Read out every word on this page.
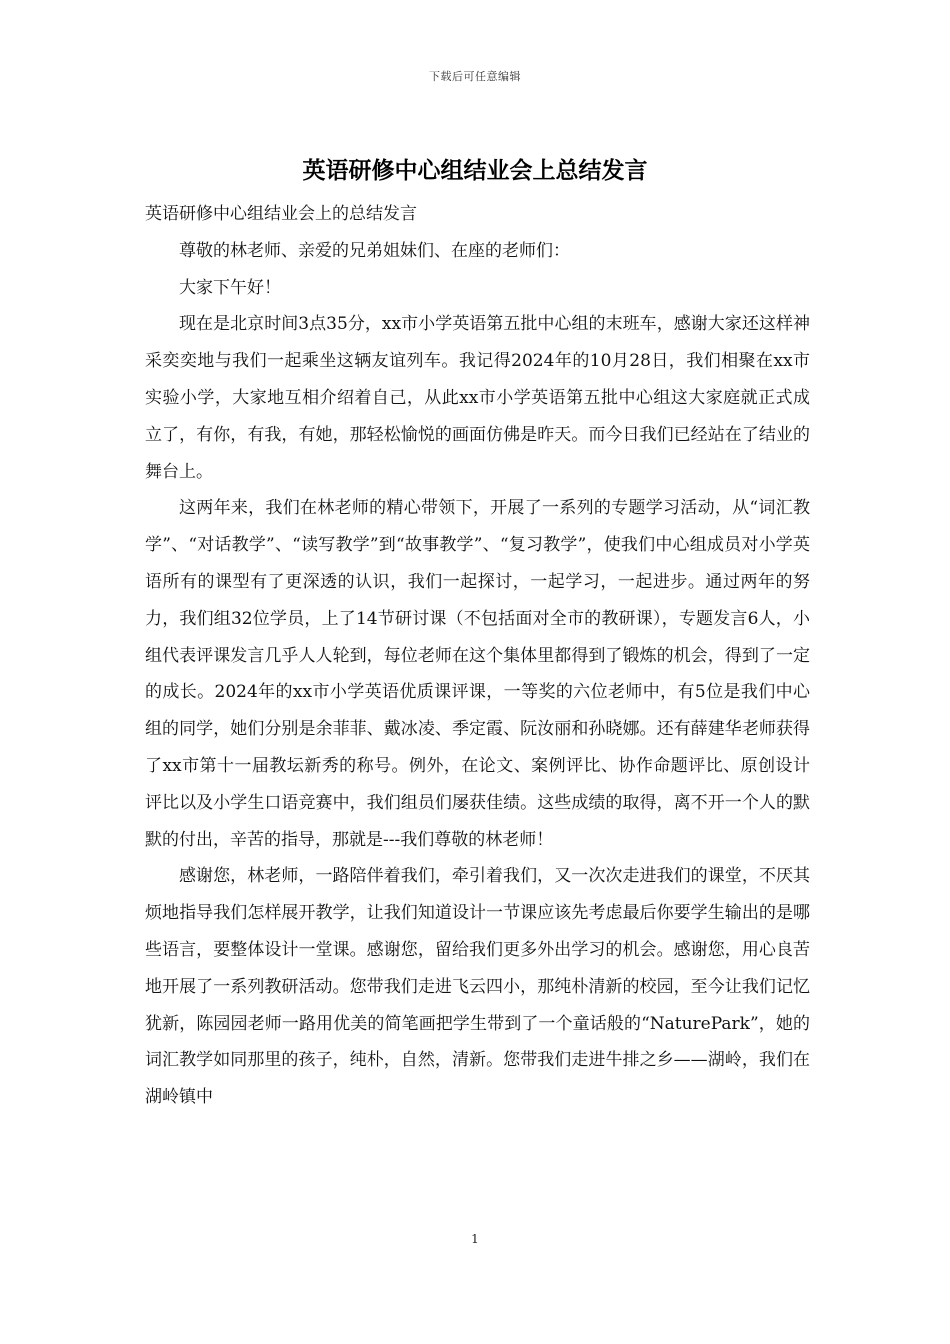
下载后可任意编辑
英语研修中心组结业会上总结发言

英语研修中心组结业会上的总结发言

尊敬的林老师、亲爱的兄弟姐妹们、在座的老师们：

大家下午好！

现在是北京时间3点35分，xx市小学英语第五批中心组的末班车，感谢大家还这样神采奕奕地与我们一起乘坐这辆友谊列车。我记得2024年的10月28日，我们相聚在xx市实验小学，大家地互相介绍着自己，从此xx市小学英语第五批中心组这大家庭就正式成立了，有你，有我，有她，那轻松愉悦的画面仿佛是昨天。而今日我们已经站在了结业的舞台上。

这两年来，我们在林老师的精心带领下，开展了一系列的专题学习活动，从“词汇教学”、“对话教学”、“读写教学”到“故事教学”、“复习教学”，使我们中心组成员对小学英语所有的课型有了更深透的认识，我们一起探讨，一起学习，一起进步。通过两年的努力，我们组32位学员，上了14节研讨课（不包括面对全市的教研课），专题发言6人，小组代表评课发言几乎人人轮到，每位老师在这个集体里都得到了锻炼的机会，得到了一定的成长。2024年的xx市小学英语优质课评课，一等奖的六位老师中，有5位是我们中心组的同学，她们分别是余菲菲、戴冰凌、季定霞、阮汝丽和孙晓娜。还有薛建华老师获得了xx市第十一届教坛新秀的称号。例外，在论文、案例评比、协作命题评比、原创设计评比以及小学生口语竞赛中，我们组员们屡获佳绩。这些成绩的取得，离不开一个人的默默的付出，辛苦的指导，那就是---我们尊敬的林老师！

感谢您，林老师，一路陪伴着我们，牵引着我们，又一次次走进我们的课堂，不厌其烦地指导我们怎样展开教学，让我们知道设计一节课应该先考虑最后你要学生输出的是哪些语言，要整体设计一堂课。感谢您，留给我们更多外出学习的机会。感谢您，用心良苦地开展了一系列教研活动。您带我们走进飞云四小，那纯朴清新的校园，至今让我们记忆犹新，陈园园老师一路用优美的简笔画把学生带到了一个童话般的“NaturePark”，她的词汇教学如同那里的孩子，纯朴，自然，清新。您带我们走进牛排之乡——湖岭，我们在湖岭镇中

1
